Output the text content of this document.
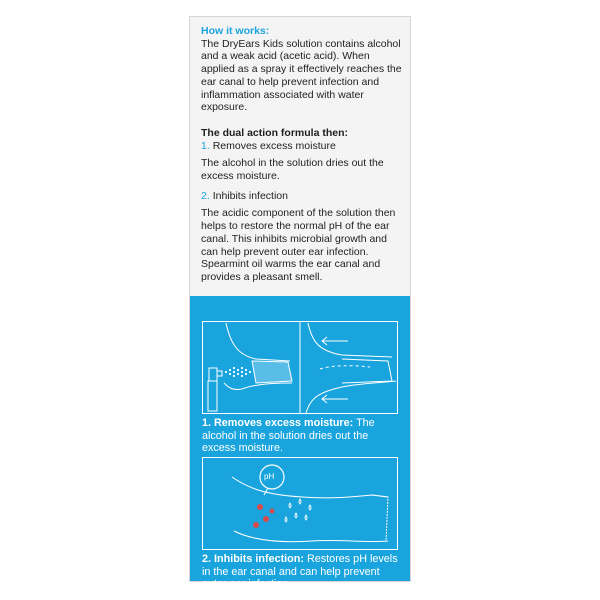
How it works:

The DryEars Kids solution contains alcohol and a weak acid (acetic acid). When applied as a spray it effectively reaches the ear canal to help prevent infection and inflammation associated with water exposure.

The dual action formula then:

1. Removes excess moisture

The alcohol in the solution dries out the excess moisture.

2. Inhibits infection

The acidic component of the solution then helps to restore the normal pH of the ear canal. This inhibits microbial growth and can help prevent outer ear infection. Spearmint oil warms the ear canal and provides a pleasant smell.

1. Removes excess moisture: The alcohol in the solution dries out the excess moisture.
pH
2. Inhibits infection: Restores pH levels in the ear canal and can help prevent outer ear infection.
